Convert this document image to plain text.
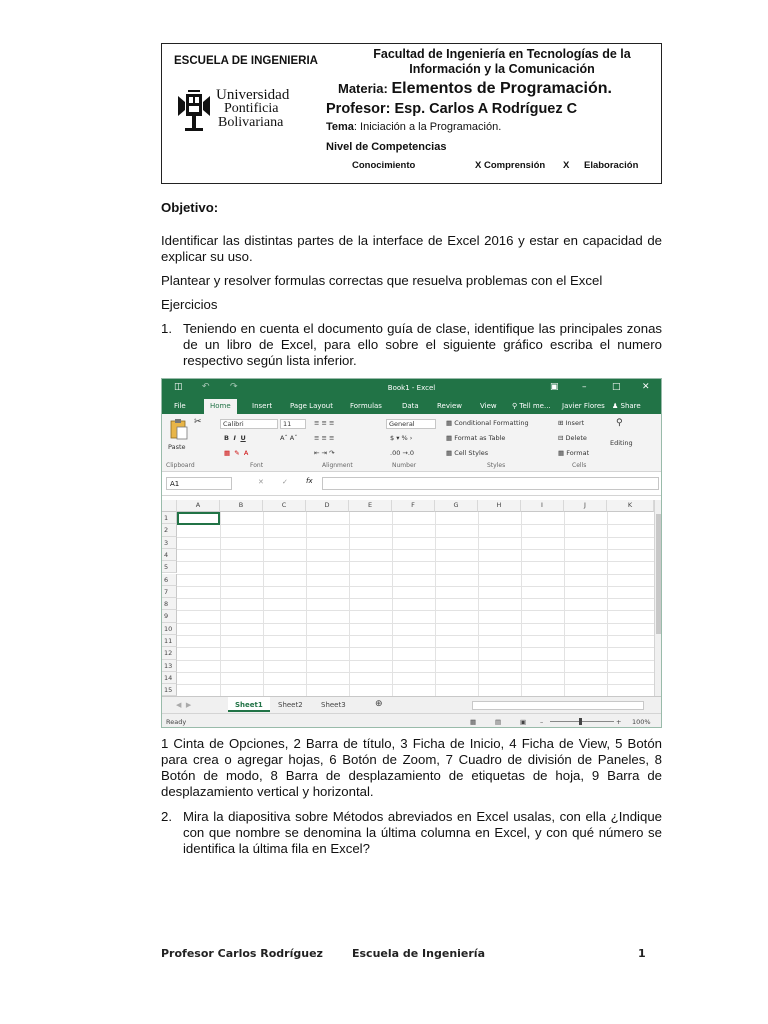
ESCUELA DE INGENIERIA	Facultad de Ingeniería en Tecnologías de la
Información y la Comunicación
Universidad
Pontificia
Bolivariana
Materia: Elementos de Programación.
Profesor: Esp. Carlos A Rodríguez C
Tema: Iniciación a la Programación.
Nivel de Competencias
Conocimiento	X Comprensión X Elaboración
Objetivo:
Identificar las distintas partes de la interface de Excel 2016 y estar en capacidad de explicar su uso.
Plantear y resolver formulas correctas que resuelva problemas con el Excel
Ejercicios
1. Teniendo en cuenta el documento guía de clase, identifique las principales zonas de un libro de Excel, para ello sobre el siguiente gráfico escriba el numero respectivo según lista inferior.
◫ ↶ ↷	Book1 - Excel	▣	–	□ ✕
File	Home	Insert	Page Layout Formulas	Data	Review	View ⚲ Tell me... Javier Flores ♟ Share
✂
Paste
Calibri	11
B  I U	Aˆ Aˇ
▦  ✎  A
≡ ≡ ≡
≡ ≡ ≡
⇤ ⇥ ↷
General
$ ▾ % ›
.00 →.0
▦ Conditional Formatting
▦ Format as Table
▦ Cell Styles
⊞ Insert
⊟ Delete
▦ Format
⚲
Editing
Clipboard	Font	Alignment	Number	Styles	Cells
A1	✕	✓	fx
A	B	C	D	E	F	G	H	I	J	K
1
2
3
4
5
6
7
8
9
10
11
12
13
14
15
◀  ▶	Sheet1	Sheet2	Sheet3	⊕
Ready	▦	▤	▣ –	+ 100%
1 Cinta de Opciones, 2 Barra de título, 3 Ficha de Inicio, 4 Ficha de View, 5 Botón para crea o agregar hojas, 6 Botón de Zoom, 7 Cuadro de división de Paneles, 8 Botón de modo, 8 Barra de desplazamiento de etiquetas de hoja, 9 Barra de desplazamiento vertical y horizontal.
2. Mira la diapositiva sobre Métodos abreviados en Excel usalas, con ella ¿Indique con que nombre se denomina la última columna en Excel, y con qué número se identifica la última fila en Excel?
Profesor Carlos Rodríguez	Escuela de Ingeniería	1
